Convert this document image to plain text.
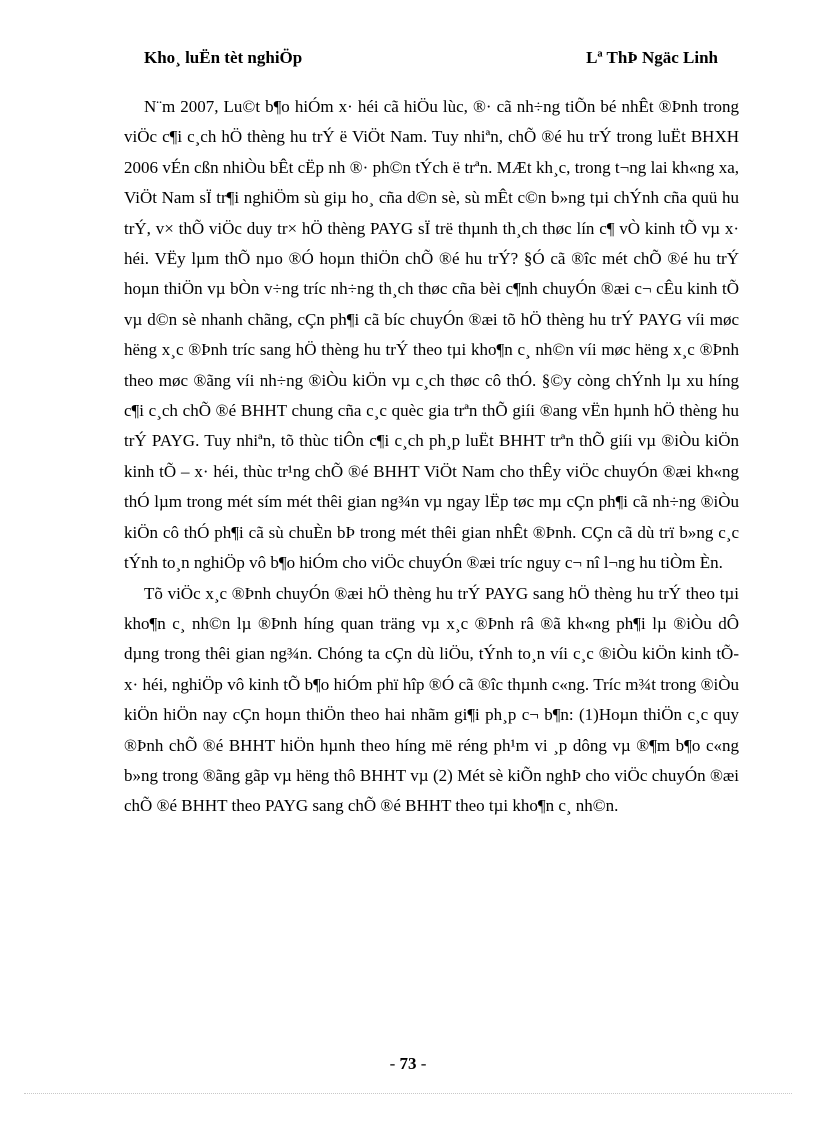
Kho¸ luËn tèt nghiÖp	Lª ThÞ Ngäc Linh

N¨m 2007, Lu©t b¶o hiÓm x· héi cã hiÖu lùc, ®· cã nh÷ng tiÕn bé nhÊt ®Þnh trong viÖc c¶i c¸ch hÖ thèng hu trÝ ë ViÖt Nam. Tuy nhiªn, chÕ ®é hu trÝ trong luËt BHXH 2006 vÉn cßn nhiÒu bÊt cËp nh ®· ph©n tÝch ë trªn. MÆt kh¸c, trong t¬ng lai kh«ng xa, ViÖt Nam sÏ tr¶i nghiÖm sù giµ ho¸ cña d©n sè, sù mÊt c©n b»ng tµi chÝnh cña quü hu trÝ, v× thÕ viÖc duy tr× hÖ thèng PAYG sÏ trë thµnh th¸ch thøc lín c¶ vÒ kinh tÕ vµ x· héi. VËy lµm thÕ nµo ®Ó hoµn thiÖn chÕ ®é hu trÝ? §Ó cã ®îc mét chÕ ®é hu trÝ hoµn thiÖn vµ bÒn v÷ng tríc nh÷ng th¸ch thøc cña bèi c¶nh chuyÓn ®æi c¬ cÊu kinh tÕ vµ d©n sè nhanh chãng, cÇn ph¶i cã bíc chuyÓn ®æi tõ hÖ thèng hu trÝ PAYG víi møc hëng x¸c ®Þnh tríc sang hÖ thèng hu trÝ theo tµi kho¶n c¸ nh©n víi møc hëng x¸c ®Þnh theo møc ®ãng víi nh÷ng ®iÒu kiÖn vµ c¸ch thøc cô thÓ. §©y còng chÝnh lµ xu híng c¶i c¸ch chÕ ®é BHHT chung cña c¸c quèc gia trªn thÕ giíi ®ang vËn hµnh hÖ thèng hu trÝ PAYG. Tuy nhiªn, tõ thùc tiÔn c¶i c¸ch ph¸p luËt BHHT trªn thÕ giíi vµ ®iÒu kiÖn kinh tÕ – x· héi, thùc tr¹ng chÕ ®é BHHT ViÖt Nam cho thÊy viÖc chuyÓn ®æi kh«ng thÓ lµm trong mét sím mét thêi gian ng¾n vµ ngay lËp tøc mµ cÇn ph¶i cã nh÷ng ®iÒu kiÖn cô thÓ ph¶i cã sù chuÈn bÞ trong mét thêi gian nhÊt ®Þnh. CÇn cã dù trï b»ng c¸c tÝnh to¸n nghiÖp vô b¶o hiÓm cho viÖc chuyÓn ®æi tríc nguy c¬ nî l¬ng hu tiÒm Èn.

Tõ viÖc x¸c ®Þnh chuyÓn ®æi hÖ thèng hu trÝ PAYG sang hÖ thèng hu trÝ theo tµi kho¶n c¸ nh©n lµ ®Þnh híng quan träng vµ x¸c ®Þnh râ ®ã kh«ng ph¶i lµ ®iÒu dÔ dµng trong thêi gian ng¾n. Chóng ta cÇn dù liÖu, tÝnh to¸n víi c¸c ®iÒu kiÖn kinh tÕ-x· héi, nghiÖp vô kinh tÕ b¶o hiÓm phï hîp ®Ó cã ®îc thµnh c«ng. Tríc m¾t trong ®iÒu kiÖn hiÖn nay cÇn hoµn thiÖn theo hai nhãm gi¶i ph¸p c¬ b¶n: (1)Hoµn thiÖn c¸c quy ®Þnh chÕ ®é BHHT hiÖn hµnh theo híng më réng ph¹m vi ¸p dông vµ ®¶m b¶o c«ng b»ng trong ®ãng gãp vµ hëng thô BHHT vµ (2) Mét sè kiÕn nghÞ cho viÖc chuyÓn ®æi chÕ ®é BHHT theo PAYG sang chÕ ®é BHHT theo tµi kho¶n c¸ nh©n.

- 73 -
